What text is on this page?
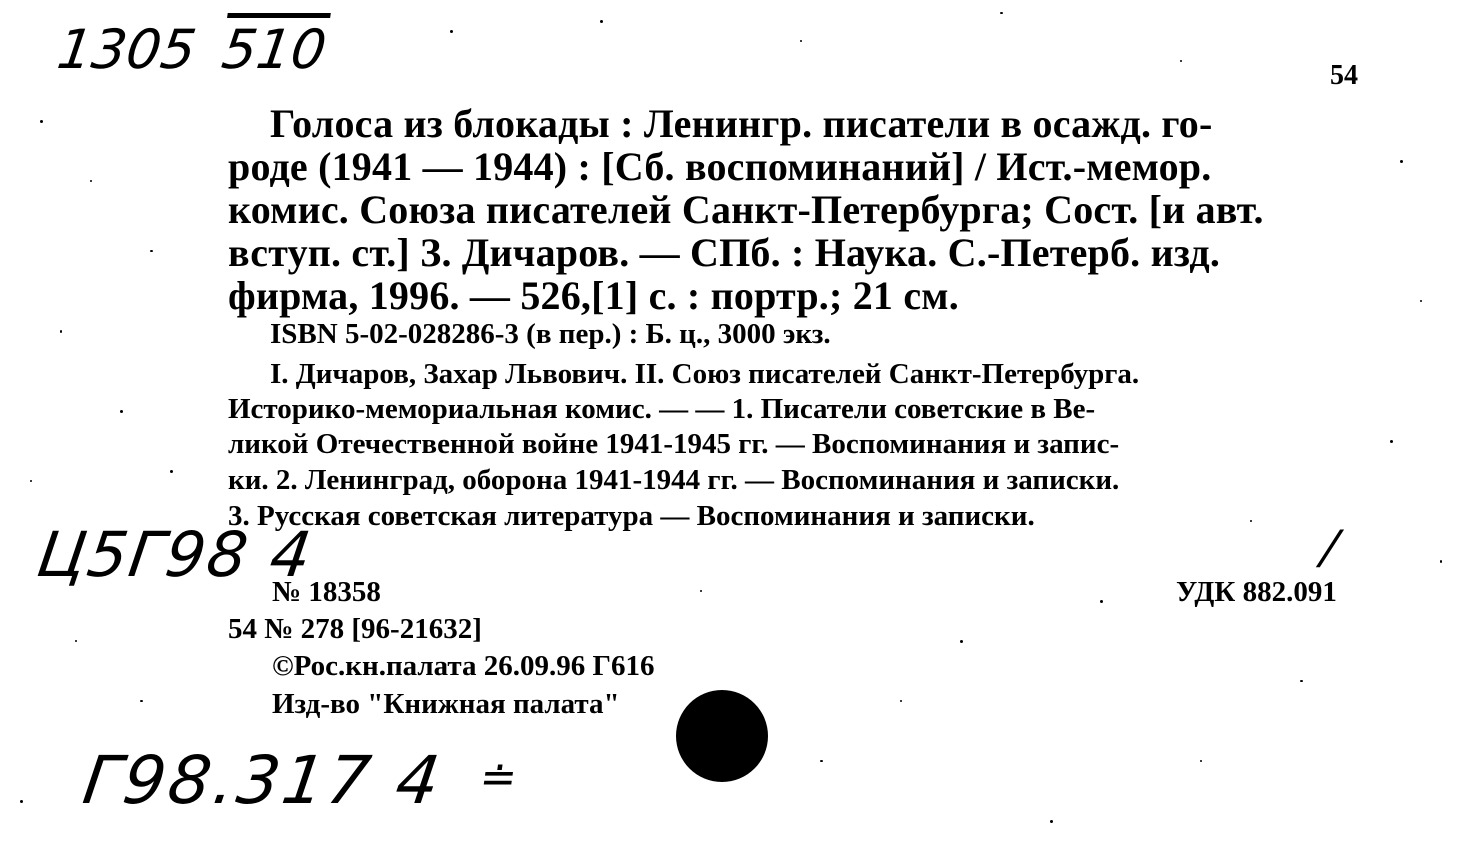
1305 510
Ц5Г98 4
Г98.317 4
/
≐
54
Голоса из блокады : Ленингр. писатели в осажд. го-
роде (1941 — 1944) : [Сб. воспоминаний] / Ист.-мемор.
комис. Союза писателей Санкт-Петербурга; Сост. [и авт.
вступ. ст.] З. Дичаров. — СПб. : Наука. С.-Петерб. изд.
фирма, 1996. — 526,[1] с. : портр.; 21 см.
ISBN 5-02-028286-3 (в пер.) : Б. ц., 3000 экз.
I. Дичаров, Захар Львович. II. Союз писателей Санкт-Петербурга.
Историко-мемориальная комис. — — 1. Писатели советские в Ве-
ликой Отечественной войне 1941-1945 гг. — Воспоминания и запис-
ки. 2. Ленинград, оборона 1941-1944 гг. — Воспоминания и записки.
3. Русская советская литература — Воспоминания и записки.
№ 18358	УДК 882.091
54 № 278 [96-21632]
©Рос.кн.палата 26.09.96 Г616
Изд-во "Книжная палата"
